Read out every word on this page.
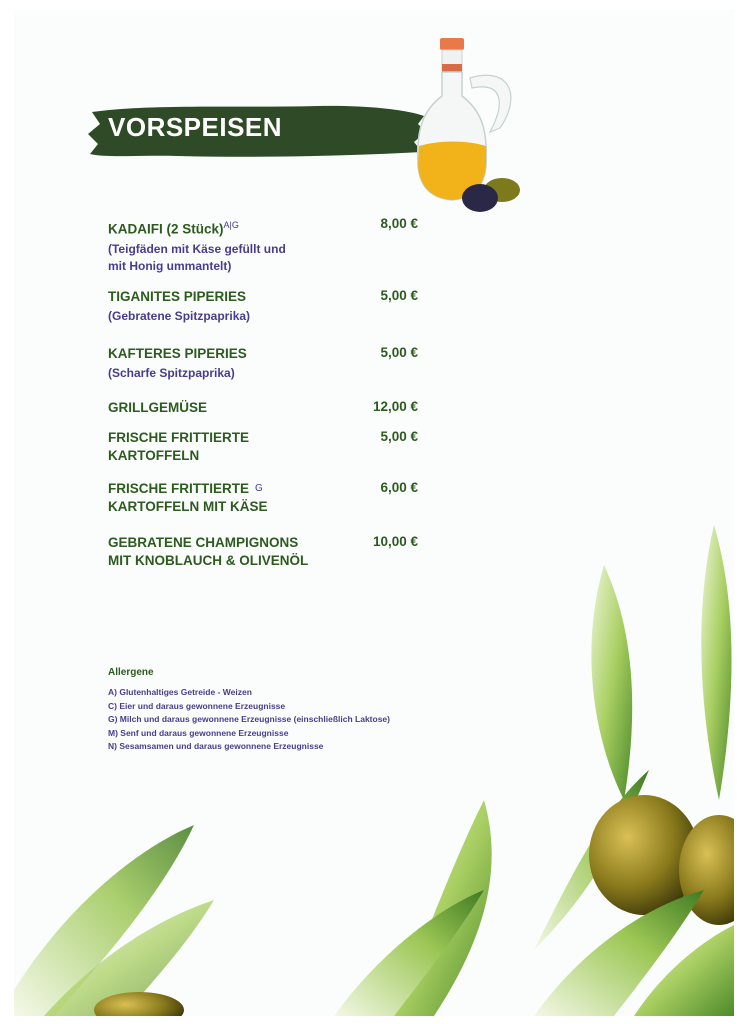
VORSPEISEN
KADAIFI (2 Stück)$^{A|G}$
(Teigfäden mit Käse gefüllt und
mit Honig ummantelt)
8,00 €
TIGANITES PIPERIES
(Gebratene Spitzpaprika)
5,00 €
KAFTERES PIPERIES
(Scharfe Spitzpaprika)
5,00 €
GRILLGEMÜSE	12,00 €
FRISCHE FRITTIERTE
KARTOFFELN
5,00 €
FRISCHE FRITTIERTE $^G$
KARTOFFELN MIT KÄSE
6,00 €
GEBRATENE CHAMPIGNONS
MIT KNOBLAUCH & OLIVENÖL
10,00 €
Allergene
A) Glutenhaltiges Getreide - Weizen
C) Eier und daraus gewonnene Erzeugnisse
G) Milch und daraus gewonnene Erzeugnisse (einschließlich Laktose)
M) Senf und daraus gewonnene Erzeugnisse
N) Sesamsamen und daraus gewonnene Erzeugnisse
